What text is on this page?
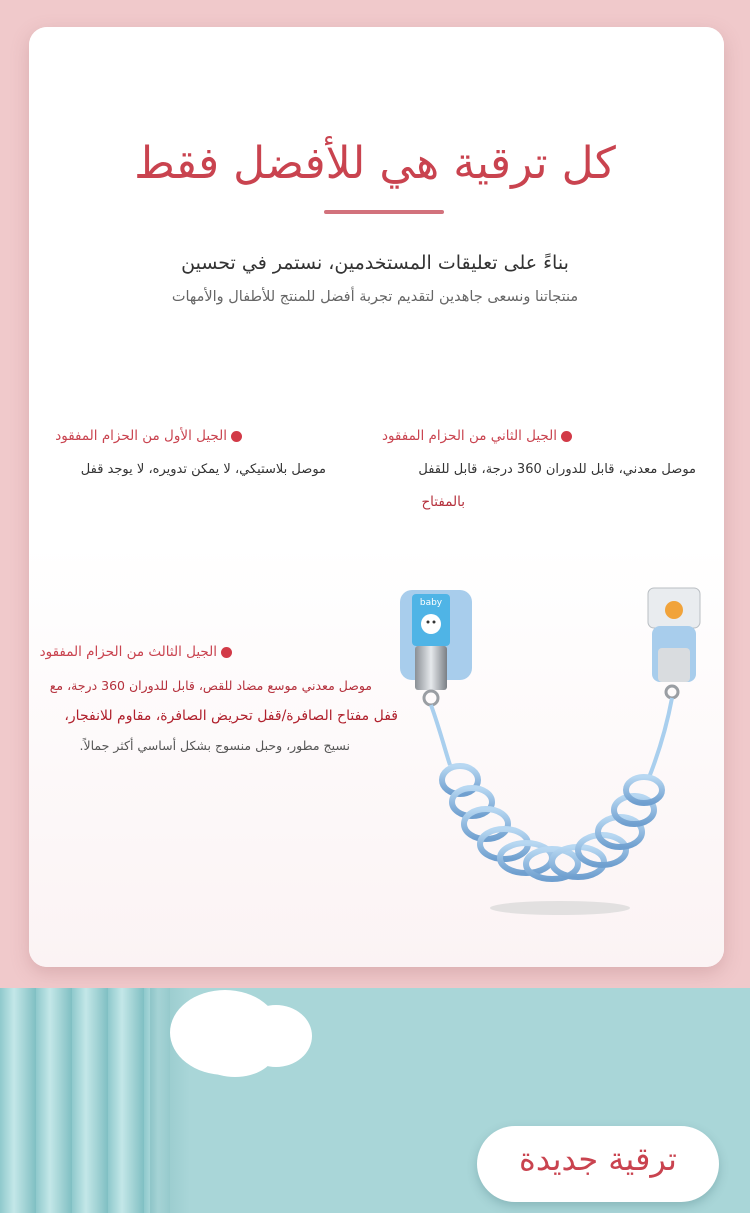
كل ترقية هي للأفضل فقط
بناءً على تعليقات المستخدمين، نستمر في تحسين
منتجاتنا ونسعى جاهدين لتقديم تجربة أفضل للمنتج للأطفال والأمهات
الجيل الأول من الحزام المفقود
موصل بلاستيكي، لا يمكن تدويره، لا يوجد قفل
الجيل الثاني من الحزام المفقود
موصل معدني، قابل للدوران 360 درجة، قابل للقفل
بالمفتاح
الجيل الثالث من الحزام المفقود
موصل معدني موسع مضاد للقص، قابل للدوران 360 درجة، مع
قفل مفتاح الصافرة/قفل تحريض الصافرة، مقاوم للانفجار،
نسيج مطور، وحبل منسوج بشكل أساسي أكثر جمالاً.
baby
ترقية جديدة
